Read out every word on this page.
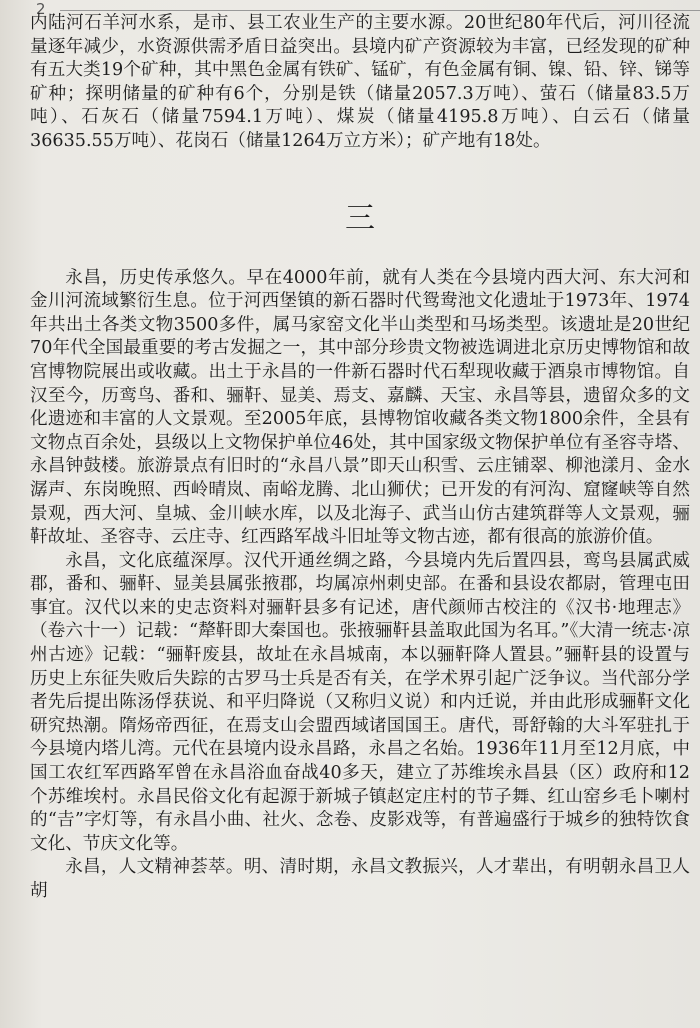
2

内陆河石羊河水系，是市、县工农业生产的主要水源。20世纪80年代后，河川径流量逐年减少，水资源供需矛盾日益突出。县境内矿产资源较为丰富，已经发现的矿种有五大类19个矿种，其中黑色金属有铁矿、锰矿，有色金属有铜、镍、铅、锌、锑等矿种；探明储量的矿种有6个，分别是铁（储量2057.3万吨）、萤石（储量83.5万吨）、石灰石（储量7594.1万吨）、煤炭（储量4195.8万吨）、白云石（储量36635.55万吨）、花岗石（储量1264万立方米）；矿产地有18处。

三

永昌，历史传承悠久。早在4000年前，就有人类在今县境内西大河、东大河和金川河流域繁衍生息。位于河西堡镇的新石器时代鸳鸯池文化遗址于1973年、1974年共出土各类文物3500多件，属马家窑文化半山类型和马场类型。该遗址是20世纪70年代全国最重要的考古发掘之一，其中部分珍贵文物被选调进北京历史博物馆和故宫博物院展出或收藏。出土于永昌的一件新石器时代石犁现收藏于酒泉市博物馆。自汉至今，历鸾鸟、番和、骊靬、显美、焉支、嘉麟、天宝、永昌等县，遗留众多的文化遗迹和丰富的人文景观。至2005年底，县博物馆收藏各类文物1800余件，全县有文物点百余处，县级以上文物保护单位46处，其中国家级文物保护单位有圣容寺塔、永昌钟鼓楼。旅游景点有旧时的“永昌八景”即天山积雪、云庄铺翠、柳池漾月、金水潺声、东岗晚照、西岭晴岚、南峪龙腾、北山狮伏；已开发的有河沟、窟窿峡等自然景观，西大河、皇城、金川峡水库，以及北海子、武当山仿古建筑群等人文景观，骊靬故址、圣容寺、云庄寺、红西路军战斗旧址等文物古迹，都有很高的旅游价值。

永昌，文化底蕴深厚。汉代开通丝绸之路，今县境内先后置四县，鸾鸟县属武威郡，番和、骊靬、显美县属张掖郡，均属凉州刺史部。在番和县设农都尉，管理屯田事宜。汉代以来的史志资料对骊靬县多有记述，唐代颜师古校注的《汉书·地理志》（卷六十一）记载：“犛靬即大秦国也。张掖骊靬县盖取此国为名耳。”《大清一统志·凉州古迹》记载：“骊靬废县，故址在永昌城南，本以骊靬降人置县。”骊靬县的设置与历史上东征失败后失踪的古罗马士兵是否有关，在学术界引起广泛争议。当代部分学者先后提出陈汤俘获说、和平归降说（又称归义说）和内迁说，并由此形成骊靬文化研究热潮。隋炀帝西征，在焉支山会盟西域诸国国王。唐代，哥舒翰的大斗军驻扎于今县境内塔儿湾。元代在县境内设永昌路，永昌之名始。1936年11月至12月底，中国工农红军西路军曾在永昌浴血奋战40多天，建立了苏维埃永昌县（区）政府和12个苏维埃村。永昌民俗文化有起源于新城子镇赵定庄村的节子舞、红山窑乡毛卜喇村的“𠮷”字灯等，有永昌小曲、社火、念卷、皮影戏等，有普遍盛行于城乡的独特饮食文化、节庆文化等。

永昌，人文精神荟萃。明、清时期，永昌文教振兴，人才辈出，有明朝永昌卫人胡
